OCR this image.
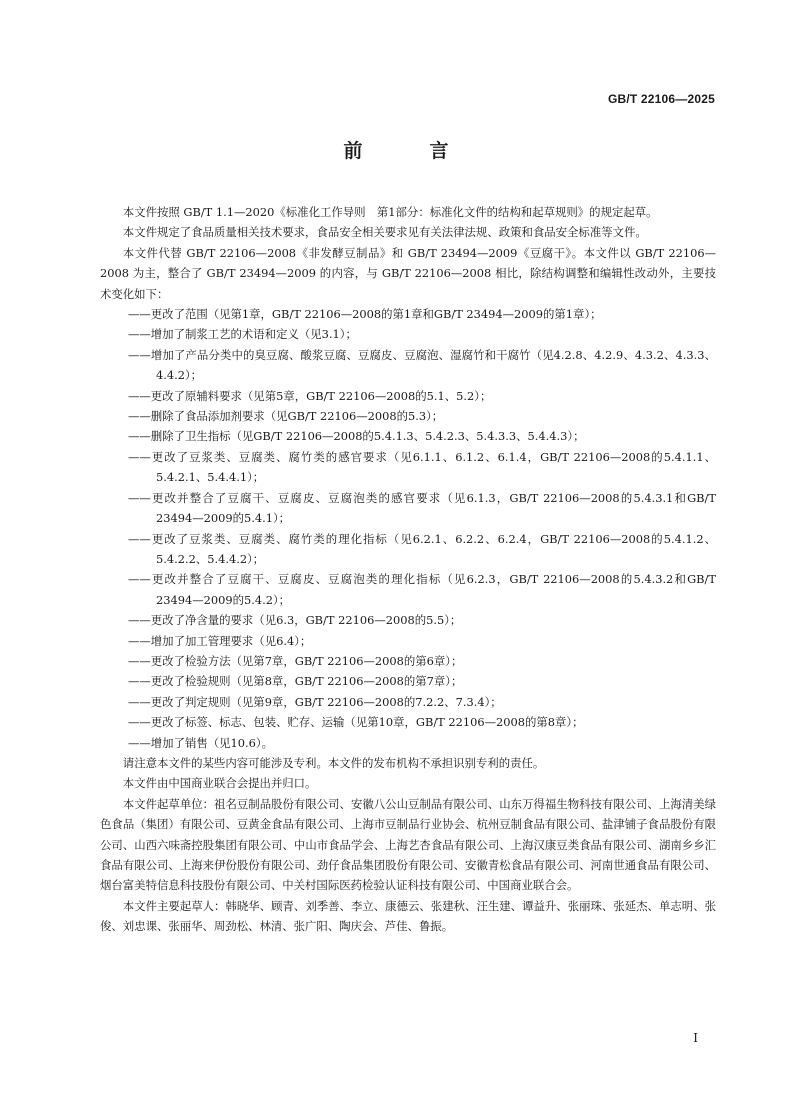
GB/T 22106—2025
前　言

本文件按照 GB/T 1.1—2020《标准化工作导则　第1部分：标准化文件的结构和起草规则》的规定起草。

本文件规定了食品质量相关技术要求，食品安全相关要求见有关法律法规、政策和食品安全标准等文件。

本文件代替 GB/T 22106—2008《非发酵豆制品》和 GB/T 23494—2009《豆腐干》。本文件以 GB/T 22106—2008 为主，整合了 GB/T 23494—2009 的内容，与 GB/T 22106—2008 相比，除结构调整和编辑性改动外，主要技术变化如下：

——更改了范围（见第1章，GB/T 22106—2008的第1章和GB/T 23494—2009的第1章）；
——增加了制浆工艺的术语和定义（见3.1）；
——增加了产品分类中的臭豆腐、酸浆豆腐、豆腐皮、豆腐泡、湿腐竹和干腐竹（见4.2.8、4.2.9、4.3.2、4.3.3、4.4.2）；
——更改了原辅料要求（见第5章，GB/T 22106—2008的5.1、5.2）；
——删除了食品添加剂要求（见GB/T 22106—2008的5.3）；
——删除了卫生指标（见GB/T 22106—2008的5.4.1.3、5.4.2.3、5.4.3.3、5.4.4.3）；
——更改了豆浆类、豆腐类、腐竹类的感官要求（见6.1.1、6.1.2、6.1.4，GB/T 22106—2008的5.4.1.1、5.4.2.1、5.4.4.1）；
——更改并整合了豆腐干、豆腐皮、豆腐泡类的感官要求（见6.1.3，GB/T 22106—2008的5.4.3.1和GB/T 23494—2009的5.4.1）；
——更改了豆浆类、豆腐类、腐竹类的理化指标（见6.2.1、6.2.2、6.2.4，GB/T 22106—2008的5.4.1.2、5.4.2.2、5.4.4.2）；
——更改并整合了豆腐干、豆腐皮、豆腐泡类的理化指标（见6.2.3，GB/T 22106—2008的5.4.3.2和GB/T 23494—2009的5.4.2）；
——更改了净含量的要求（见6.3，GB/T 22106—2008的5.5）；
——增加了加工管理要求（见6.4）；
——更改了检验方法（见第7章，GB/T 22106—2008的第6章）；
——更改了检验规则（见第8章，GB/T 22106—2008的第7章）；
——更改了判定规则（见第9章，GB/T 22106—2008的7.2.2、7.3.4）；
——更改了标签、标志、包装、贮存、运输（见第10章，GB/T 22106—2008的第8章）；
——增加了销售（见10.6）。

请注意本文件的某些内容可能涉及专利。本文件的发布机构不承担识别专利的责任。

本文件由中国商业联合会提出并归口。

本文件起草单位：祖名豆制品股份有限公司、安徽八公山豆制品有限公司、山东万得福生物科技有限公司、上海清美绿色食品（集团）有限公司、豆黄金食品有限公司、上海市豆制品行业协会、杭州豆制食品有限公司、盐津铺子食品股份有限公司、山西六味斋控股集团有限公司、中山市食品学会、上海艺杏食品有限公司、上海汉康豆类食品有限公司、湖南乡乡汇食品有限公司、上海来伊份股份有限公司、劲仔食品集团股份有限公司、安徽青松食品有限公司、河南世通食品有限公司、烟台富美特信息科技股份有限公司、中关村国际医药检验认证科技有限公司、中国商业联合会。

本文件主要起草人：韩晓华、顾青、刘季善、李立、康德云、张建秋、汪生建、谭益升、张丽珠、张延杰、单志明、张俊、刘忠课、张丽华、周劲松、林清、张广阳、陶庆会、芦佳、鲁振。

I
